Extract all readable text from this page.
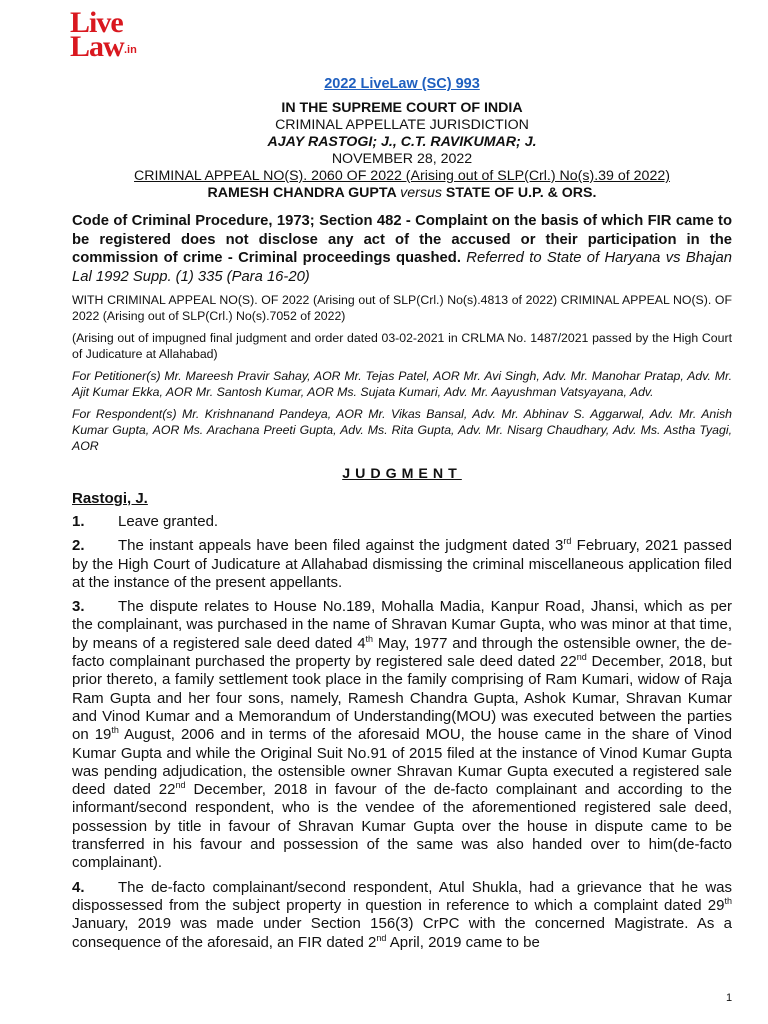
Live
Law .in
2022 LiveLaw (SC) 993
IN THE SUPREME COURT OF INDIA
CRIMINAL APPELLATE JURISDICTION
AJAY RASTOGI; J., C.T. RAVIKUMAR; J.
NOVEMBER 28, 2022
CRIMINAL APPEAL NO(S). 2060 OF 2022 (Arising out of SLP(Crl.) No(s).39 of 2022)
RAMESH CHANDRA GUPTA versus STATE OF U.P. & ORS.
Code of Criminal Procedure, 1973; Section 482 - Complaint on the basis of which FIR came to be registered does not disclose any act of the accused or their participation in the commission of crime - Criminal proceedings quashed. Referred to State of Haryana vs Bhajan Lal 1992 Supp. (1) 335 (Para 16-20)
WITH CRIMINAL APPEAL NO(S). OF 2022 (Arising out of SLP(Crl.) No(s).4813 of 2022) CRIMINAL APPEAL NO(S). OF 2022 (Arising out of SLP(Crl.) No(s).7052 of 2022)
(Arising out of impugned final judgment and order dated 03-02-2021 in CRLMA No. 1487/2021 passed by the High Court of Judicature at Allahabad)
For Petitioner(s) Mr. Mareesh Pravir Sahay, AOR Mr. Tejas Patel, AOR Mr. Avi Singh, Adv. Mr. Manohar Pratap, Adv. Mr. Ajit Kumar Ekka, AOR Mr. Santosh Kumar, AOR Ms. Sujata Kumari, Adv. Mr. Aayushman Vatsyayana, Adv.
For Respondent(s) Mr. Krishnanand Pandeya, AOR Mr. Vikas Bansal, Adv. Mr. Abhinav S. Aggarwal, Adv. Mr. Anish Kumar Gupta, AOR Ms. Arachana Preeti Gupta, Adv. Ms. Rita Gupta, Adv. Mr. Nisarg Chaudhary, Adv. Ms. Astha Tyagi, AOR
JUDGMENT
Rastogi, J.
1. Leave granted.
2. The instant appeals have been filed against the judgment dated 3rd February, 2021 passed by the High Court of Judicature at Allahabad dismissing the criminal miscellaneous application filed at the instance of the present appellants.
3. The dispute relates to House No.189, Mohalla Madia, Kanpur Road, Jhansi, which as per the complainant, was purchased in the name of Shravan Kumar Gupta, who was minor at that time, by means of a registered sale deed dated 4th May, 1977 and through the ostensible owner, the de-facto complainant purchased the property by registered sale deed dated 22nd December, 2018, but prior thereto, a family settlement took place in the family comprising of Ram Kumari, widow of Raja Ram Gupta and her four sons, namely, Ramesh Chandra Gupta, Ashok Kumar, Shravan Kumar and Vinod Kumar and a Memorandum of Understanding(MOU) was executed between the parties on 19th August, 2006 and in terms of the aforesaid MOU, the house came in the share of Vinod Kumar Gupta and while the Original Suit No.91 of 2015 filed at the instance of Vinod Kumar Gupta was pending adjudication, the ostensible owner Shravan Kumar Gupta executed a registered sale deed dated 22nd December, 2018 in favour of the de-facto complainant and according to the informant/second respondent, who is the vendee of the aforementioned registered sale deed, possession by title in favour of Shravan Kumar Gupta over the house in dispute came to be transferred in his favour and possession of the same was also handed over to him(de-facto complainant).
4. The de-facto complainant/second respondent, Atul Shukla, had a grievance that he was dispossessed from the subject property in question in reference to which a complaint dated 29th January, 2019 was made under Section 156(3) CrPC with the concerned Magistrate. As a consequence of the aforesaid, an FIR dated 2nd April, 2019 came to be
1
